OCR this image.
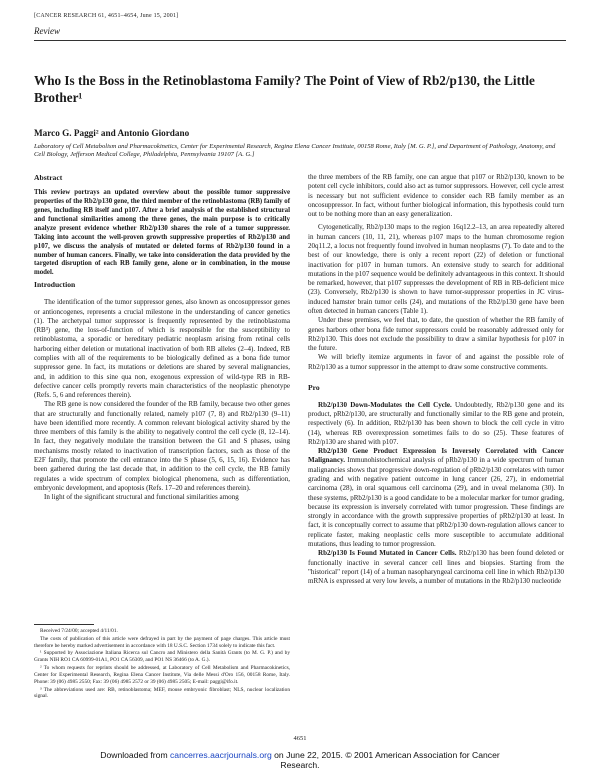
[CANCER RESEARCH 61, 4651–4654, June 15, 2001]
Review
Who Is the Boss in the Retinoblastoma Family? The Point of View of Rb2/p130, the Little Brother¹
Marco G. Paggi² and Antonio Giordano
Laboratory of Cell Metabolism and Pharmacokinetics, Center for Experimental Research, Regina Elena Cancer Institute, 00158 Rome, Italy [M. G. P.], and Department of Pathology, Anatomy, and Cell Biology, Jefferson Medical College, Philadelphia, Pennsylvania 19107 [A. G.]
Abstract

This review portrays an updated overview about the possible tumor suppressive properties of the Rb2/p130 gene, the third member of the retinoblastoma (RB) family of genes, including RB itself and p107. After a brief analysis of the established structural and functional similarities among the three genes, the main purpose is to critically analyze present evidence whether Rb2/p130 shares the role of a tumor suppressor. Taking into account the well-proven growth suppressive properties of Rb2/p130 and p107, we discuss the analysis of mutated or deleted forms of Rb2/p130 found in a number of human cancers. Finally, we take into consideration the data provided by the targeted disruption of each RB family gene, alone or in combination, in the mouse model.

Introduction

The identification of the tumor suppressor genes, also known as oncosuppressor genes or antioncogenes, represents a crucial milestone in the understanding of cancer genetics (1). The archetypal tumor suppressor is frequently represented by the retinoblastoma (RB³) gene, the loss-of-function of which is responsible for the susceptibility to retinoblastoma, a sporadic or hereditary pediatric neoplasm arising from retinal cells harboring either deletion or mutational inactivation of both RB alleles (2–4). Indeed, RB complies with all of the requirements to be biologically defined as a bona fide tumor suppressor gene. In fact, its mutations or deletions are shared by several malignancies, and, in addition to this sine qua non, exogenous expression of wild-type RB in RB-defective cancer cells promptly reverts main characteristics of the neoplastic phenotype (Refs. 5, 6 and references therein).

The RB gene is now considered the founder of the RB family, because two other genes that are structurally and functionally related, namely p107 (7, 8) and Rb2/p130 (9–11) have been identified more recently. A common relevant biological activity shared by the three members of this family is the ability to negatively control the cell cycle (8, 12–14). In fact, they negatively modulate the transition between the G1 and S phases, using mechanisms mostly related to inactivation of transcription factors, such as those of the E2F family, that promote the cell entrance into the S phase (5, 6, 15, 16). Evidence has been gathered during the last decade that, in addition to the cell cycle, the RB family regulates a wide spectrum of complex biological phenomena, such as differentiation, embryonic development, and apoptosis (Refs. 17–20 and references therein).

In light of the significant structural and functional similarities among

Received 7/24/00; accepted 4/11/01.

The costs of publication of this article were defrayed in part by the payment of page charges. This article must therefore be hereby marked advertisement in accordance with 18 U.S.C. Section 1734 solely to indicate this fact.

¹ Supported by Associazione Italiana Ricerca sul Cancro and Ministero della Sanità Grants (to M. G. P.) and by Grants NIH RO1 CA 60999-01A1, PO1 CA 56309, and PO1 NS 36466 (to A. G.).

² To whom requests for reprints should be addressed, at Laboratory of Cell Metabolism and Pharmacokinetics, Center for Experimental Research, Regina Elena Cancer Institute, Via delle Messi d'Oro 156, 00158 Rome, Italy. Phone: 39 (06) 4985 2550; Fax: 39 (06) 4985 2572 or 39 (06) 4985 2505; E-mail: paggi@ifo.it.

³ The abbreviations used are: RB, retinoblastoma; MEF, mouse embryonic fibroblast; NLS, nuclear localization signal.

the three members of the RB family, one can argue that p107 or Rb2/p130, known to be potent cell cycle inhibitors, could also act as tumor suppressors. However, cell cycle arrest is necessary but not sufficient evidence to consider each RB family member as an oncosuppressor. In fact, without further biological information, this hypothesis could turn out to be nothing more than an easy generalization.

Cytogenetically, Rb2/p130 maps to the region 16q12.2–13, an area repeatedly altered in human cancers (10, 11, 21), whereas p107 maps to the human chromosome region 20q11.2, a locus not frequently found involved in human neoplasms (7). To date and to the best of our knowledge, there is only a recent report (22) of deletion or functional inactivation for p107 in human tumors. An extensive study to search for additional mutations in the p107 sequence would be definitely advantageous in this context. It should be remarked, however, that p107 suppresses the development of RB in RB-deficient mice (23). Conversely, Rb2/p130 is shown to have tumor-suppressor properties in JC virus-induced hamster brain tumor cells (24), and mutations of the Rb2/p130 gene have been often detected in human cancers (Table 1).

Under these premises, we feel that, to date, the question of whether the RB family of genes harbors other bona fide tumor suppressors could be reasonably addressed only for Rb2/p130. This does not exclude the possibility to draw a similar hypothesis for p107 in the future.

We will briefly itemize arguments in favor of and against the possible role of Rb2/p130 as a tumor suppressor in the attempt to draw some constructive comments.

Pro

Rb2/p130 Down-Modulates the Cell Cycle. Undoubtedly, Rb2/p130 gene and its product, pRb2/p130, are structurally and functionally similar to the RB gene and protein, respectively (6). In addition, Rb2/p130 has been shown to block the cell cycle in vitro (14), whereas RB overexpression sometimes fails to do so (25). These features of Rb2/p130 are shared with p107.

Rb2/p130 Gene Product Expression Is Inversely Correlated with Cancer Malignancy. Immunohistochemical analysis of pRb2/p130 in a wide spectrum of human malignancies shows that progressive down-regulation of pRb2/p130 correlates with tumor grading and with negative patient outcome in lung cancer (26, 27), in endometrial carcinoma (28), in oral squamous cell carcinoma (29), and in uveal melanoma (30). In these systems, pRb2/p130 is a good candidate to be a molecular marker for tumor grading, because its expression is inversely correlated with tumor progression. These findings are strongly in accordance with the growth suppressive properties of pRb2/p130 at least. In fact, it is conceptually correct to assume that pRb2/p130 down-regulation allows cancer to replicate faster, making neoplastic cells more susceptible to accumulate additional mutations, thus leading to tumor progression.

Rb2/p130 Is Found Mutated in Cancer Cells. Rb2/p130 has been found deleted or functionally inactive in several cancer cell lines and biopsies. Starting from the "historical" report (14) of a human nasopharyngeal carcinoma cell line in which Rb2/p130 mRNA is expressed at very low levels, a number of mutations in the Rb2/p130 nucleotide

4651
Downloaded from cancerres.aacrjournals.org on June 22, 2015. © 2001 American Association for Cancer
Research.
